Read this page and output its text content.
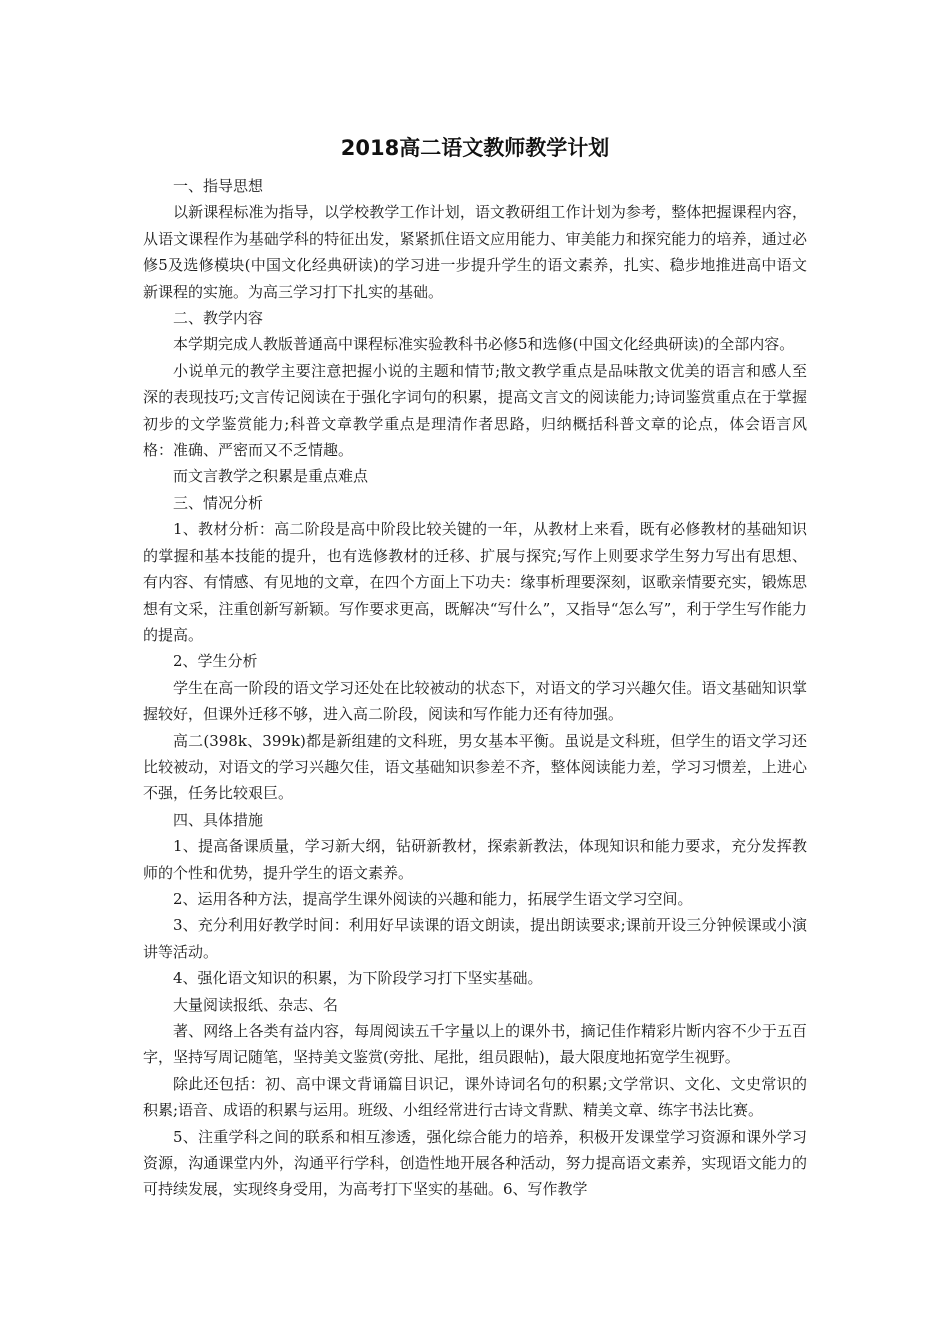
2018高二语文教师教学计划
一、指导思想
以新课程标准为指导，以学校教学工作计划，语文教研组工作计划为参考，整体把握课程内容，从语文课程作为基础学科的特征出发，紧紧抓住语文应用能力、审美能力和探究能力的培养，通过必修5及选修模块(中国文化经典研读)的学习进一步提升学生的语文素养，扎实、稳步地推进高中语文新课程的实施。为高三学习打下扎实的基础。
二、教学内容
本学期完成人教版普通高中课程标准实验教科书必修5和选修(中国文化经典研读)的全部内容。
小说单元的教学主要注意把握小说的主题和情节;散文教学重点是品味散文优美的语言和感人至深的表现技巧;文言传记阅读在于强化字词句的积累，提高文言文的阅读能力;诗词鉴赏重点在于掌握初步的文学鉴赏能力;科普文章教学重点是理清作者思路，归纳概括科普文章的论点，体会语言风格：准确、严密而又不乏情趣。
而文言教学之积累是重点难点
三、情况分析
1、教材分析：高二阶段是高中阶段比较关键的一年，从教材上来看，既有必修教材的基础知识的掌握和基本技能的提升，也有选修教材的迁移、扩展与探究;写作上则要求学生努力写出有思想、有内容、有情感、有见地的文章，在四个方面上下功夫：缘事析理要深刻，讴歌亲情要充实，锻炼思想有文采，注重创新写新颖。写作要求更高，既解决“写什么”，又指导“怎么写”，利于学生写作能力的提高。
2、学生分析
学生在高一阶段的语文学习还处在比较被动的状态下，对语文的学习兴趣欠佳。语文基础知识掌握较好，但课外迁移不够，进入高二阶段，阅读和写作能力还有待加强。
高二(398k、399k)都是新组建的文科班，男女基本平衡。虽说是文科班，但学生的语文学习还比较被动，对语文的学习兴趣欠佳，语文基础知识参差不齐，整体阅读能力差，学习习惯差，上进心不强，任务比较艰巨。
四、具体措施
1、提高备课质量，学习新大纲，钻研新教材，探索新教法，体现知识和能力要求，充分发挥教师的个性和优势，提升学生的语文素养。
2、运用各种方法，提高学生课外阅读的兴趣和能力，拓展学生语文学习空间。
3、充分利用好教学时间：利用好早读课的语文朗读，提出朗读要求;课前开设三分钟候课或小演讲等活动。
4、强化语文知识的积累，为下阶段学习打下坚实基础。
大量阅读报纸、杂志、名
著、网络上各类有益内容，每周阅读五千字量以上的课外书，摘记佳作精彩片断内容不少于五百字，坚持写周记随笔，坚持美文鉴赏(旁批、尾批，组员跟帖)，最大限度地拓宽学生视野。
除此还包括：初、高中课文背诵篇目识记，课外诗词名句的积累;文学常识、文化、文史常识的积累;语音、成语的积累与运用。班级、小组经常进行古诗文背默、精美文章、练字书法比赛。
5、注重学科之间的联系和相互渗透，强化综合能力的培养，积极开发课堂学习资源和课外学习资源，沟通课堂内外，沟通平行学科，创造性地开展各种活动，努力提高语文素养，实现语文能力的可持续发展，实现终身受用，为高考打下坚实的基础。6、写作教学
